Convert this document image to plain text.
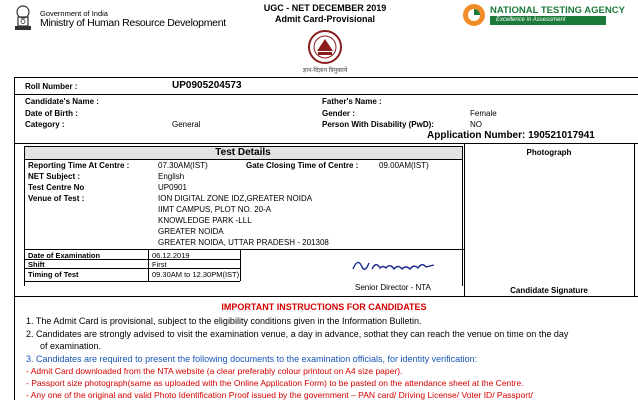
Government of India
Ministry of Human Resource Development
UGC - NET DECEMBER 2019
Admit Card-Provisional
ज्ञान-विज्ञान विमुक्तये
NATIONAL TESTING AGENCY
Excellence in Assessment
Roll Number :	UP0905204573
Candidate's Name :	Father's Name :
Date of Birth :	Gender :	Female
Category :	General	Person With Disability (PwD):	NO
Application Number: 190521017941
Test Details
Reporting Time At Centre :	07.30AM(IST)	Gate Closing Time of Centre :	09.00AM(IST)
NET Subject :	English
Test Centre No	UP0901
Venue of Test :	ION DIGITAL ZONE IDZ,GREATER NOIDA
IIMT CAMPUS, PLOT NO. 20-A
KNOWLEDGE PARK -LLL
GREATER NOIDA
GREATER NOIDA, UTTAR PRADESH - 201308
Date of Examination	06.12.2019
Shift	First
Timing of Test	09.30AM to 12.30PM(IST)
Senior Director - NTA
Photograph
Candidate Signature
IMPORTANT INSTRUCTIONS FOR CANDIDATES
1. The Admit Card is provisional, subject to the eligibility conditions given in the Information Bulletin.
2. Candidates are strongly advised to visit the examination venue, a day in advance, sothat they can reach the venue on time on the day
of examination.
3. Candidates are required to present the following documents to the examination officials, for identity verification:
- Admit Card downloaded from the NTA website (a clear preferably colour printout on A4 size paper).
- Passport size photograph(same as uploaded with the Online Application Form) to be pasted on the attendance sheet at the Centre.
- Any one of the original and valid Photo Identification Proof issued by the government – PAN card/ Driving License/ Voter ID/ Passport/
